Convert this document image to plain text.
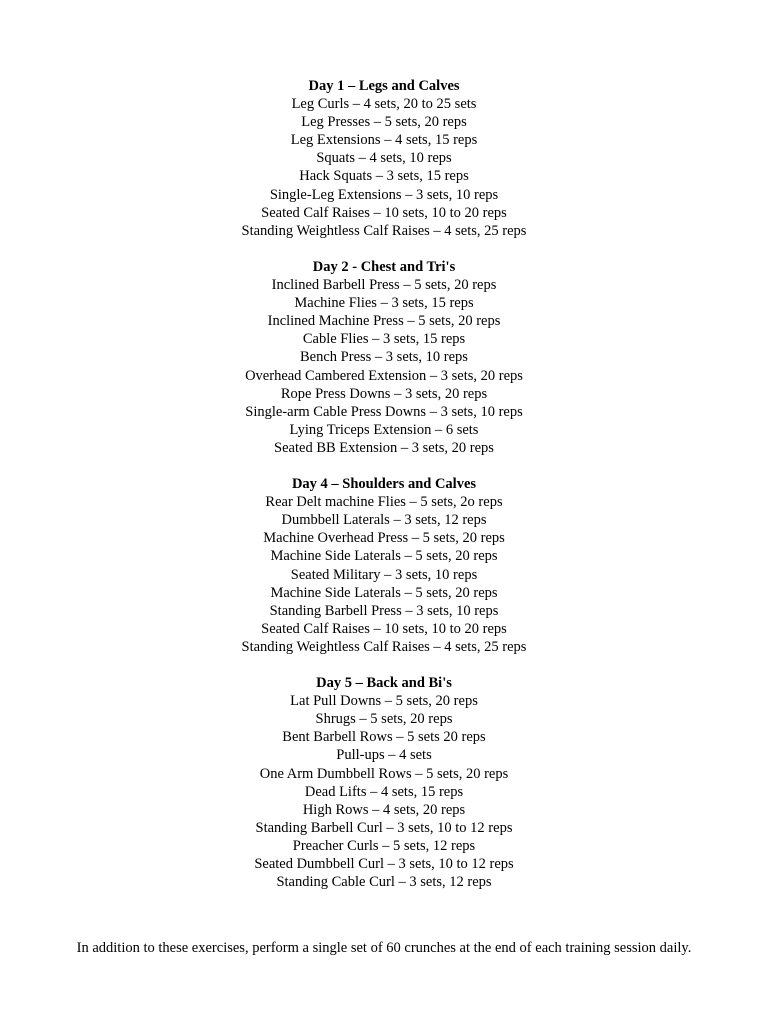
Day 1 – Legs and Calves

Leg Curls – 4 sets, 20 to 25 sets

Leg Presses – 5 sets, 20 reps

Leg Extensions – 4 sets, 15 reps

Squats – 4 sets, 10 reps

Hack Squats – 3 sets, 15 reps

Single-Leg Extensions – 3 sets, 10 reps

Seated Calf Raises – 10 sets, 10 to 20 reps

Standing Weightless Calf Raises – 4 sets, 25 reps

Day 2 - Chest and Tri's

Inclined Barbell Press – 5 sets, 20 reps

Machine Flies – 3 sets, 15 reps

Inclined Machine Press – 5 sets, 20 reps

Cable Flies – 3 sets, 15 reps

Bench Press – 3 sets, 10 reps

Overhead Cambered Extension – 3 sets, 20 reps

Rope Press Downs – 3 sets, 20 reps

Single-arm Cable Press Downs – 3 sets, 10 reps

Lying Triceps Extension – 6 sets

Seated BB Extension – 3 sets, 20 reps

Day 4 – Shoulders and Calves

Rear Delt machine Flies – 5 sets, 2o reps

Dumbbell Laterals – 3 sets, 12 reps

Machine Overhead Press – 5 sets, 20 reps

Machine Side Laterals – 5 sets, 20 reps

Seated Military – 3 sets, 10 reps

Machine Side Laterals – 5 sets, 20 reps

Standing Barbell Press – 3 sets, 10 reps

Seated Calf Raises – 10 sets, 10 to 20 reps

Standing Weightless Calf Raises – 4 sets, 25 reps

Day 5 – Back and Bi's

Lat Pull Downs – 5 sets, 20 reps

Shrugs – 5 sets, 20 reps

Bent Barbell Rows – 5 sets 20 reps

Pull-ups – 4 sets

One Arm Dumbbell Rows – 5 sets, 20 reps

Dead Lifts – 4 sets, 15 reps

High Rows – 4 sets, 20 reps

Standing Barbell Curl – 3 sets, 10 to 12 reps

Preacher Curls – 5 sets, 12 reps

Seated Dumbbell Curl – 3 sets, 10 to 12 reps

Standing Cable Curl – 3 sets, 12 reps

In addition to these exercises, perform a single set of 60 crunches at the end of each training session daily.
